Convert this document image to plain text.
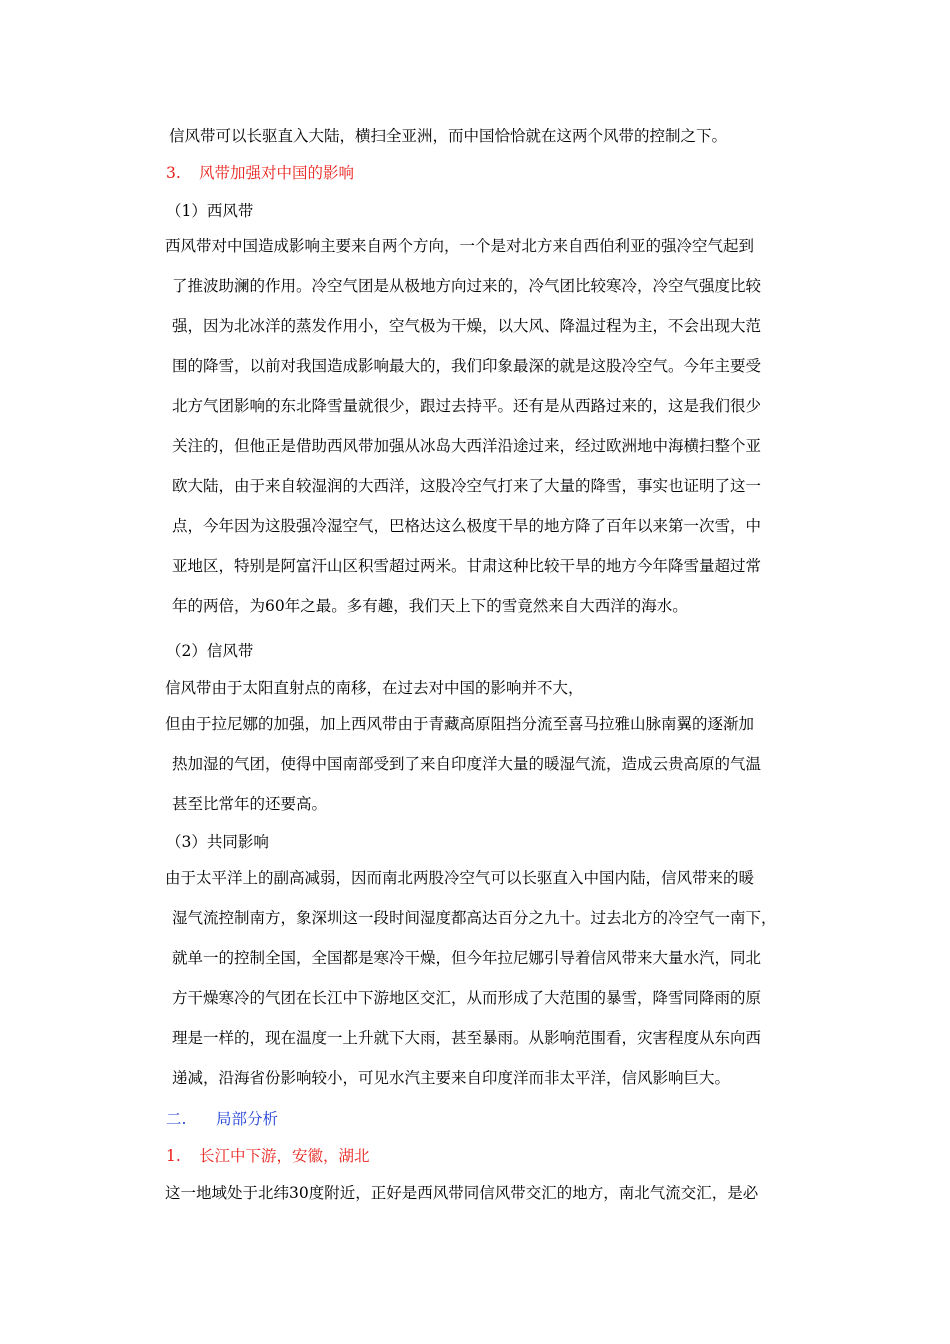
信风带可以长驱直入大陆，横扫全亚洲，而中国恰恰就在这两个风带的控制之下。
3. 风带加强对中国的影响
（1）西风带
西风带对中国造成影响主要来自两个方向，一个是对北方来自西伯利亚的强冷空气起到
了推波助澜的作用。冷空气团是从极地方向过来的，冷气团比较寒冷，冷空气强度比较
强，因为北冰洋的蒸发作用小，空气极为干燥，以大风、降温过程为主，不会出现大范
围的降雪，以前对我国造成影响最大的，我们印象最深的就是这股冷空气。今年主要受
北方气团影响的东北降雪量就很少，跟过去持平。还有是从西路过来的，这是我们很少
关注的，但他正是借助西风带加强从冰岛大西洋沿途过来，经过欧洲地中海横扫整个亚
欧大陆，由于来自较湿润的大西洋，这股冷空气打来了大量的降雪，事实也证明了这一
点，今年因为这股强冷湿空气，巴格达这么极度干旱的地方降了百年以来第一次雪，中
亚地区，特别是阿富汗山区积雪超过两米。甘肃这种比较干旱的地方今年降雪量超过常
年的两倍，为60年之最。多有趣，我们天上下的雪竟然来自大西洋的海水。
（2）信风带
信风带由于太阳直射点的南移，在过去对中国的影响并不大，
但由于拉尼娜的加强，加上西风带由于青藏高原阻挡分流至喜马拉雅山脉南翼的逐渐加
热加湿的气团，使得中国南部受到了来自印度洋大量的暖湿气流，造成云贵高原的气温
甚至比常年的还要高。
（3）共同影响
由于太平洋上的副高减弱，因而南北两股冷空气可以长驱直入中国内陆，信风带来的暖
湿气流控制南方，象深圳这一段时间湿度都高达百分之九十。过去北方的冷空气一南下，
就单一的控制全国，全国都是寒冷干燥，但今年拉尼娜引导着信风带来大量水汽，同北
方干燥寒冷的气团在长江中下游地区交汇，从而形成了大范围的暴雪，降雪同降雨的原
理是一样的，现在温度一上升就下大雨，甚至暴雨。从影响范围看，灾害程度从东向西
递减，沿海省份影响较小，可见水汽主要来自印度洋而非太平洋，信风影响巨大。
二. 局部分析
1. 长江中下游，安徽，湖北
这一地域处于北纬30度附近，正好是西风带同信风带交汇的地方，南北气流交汇，是必
